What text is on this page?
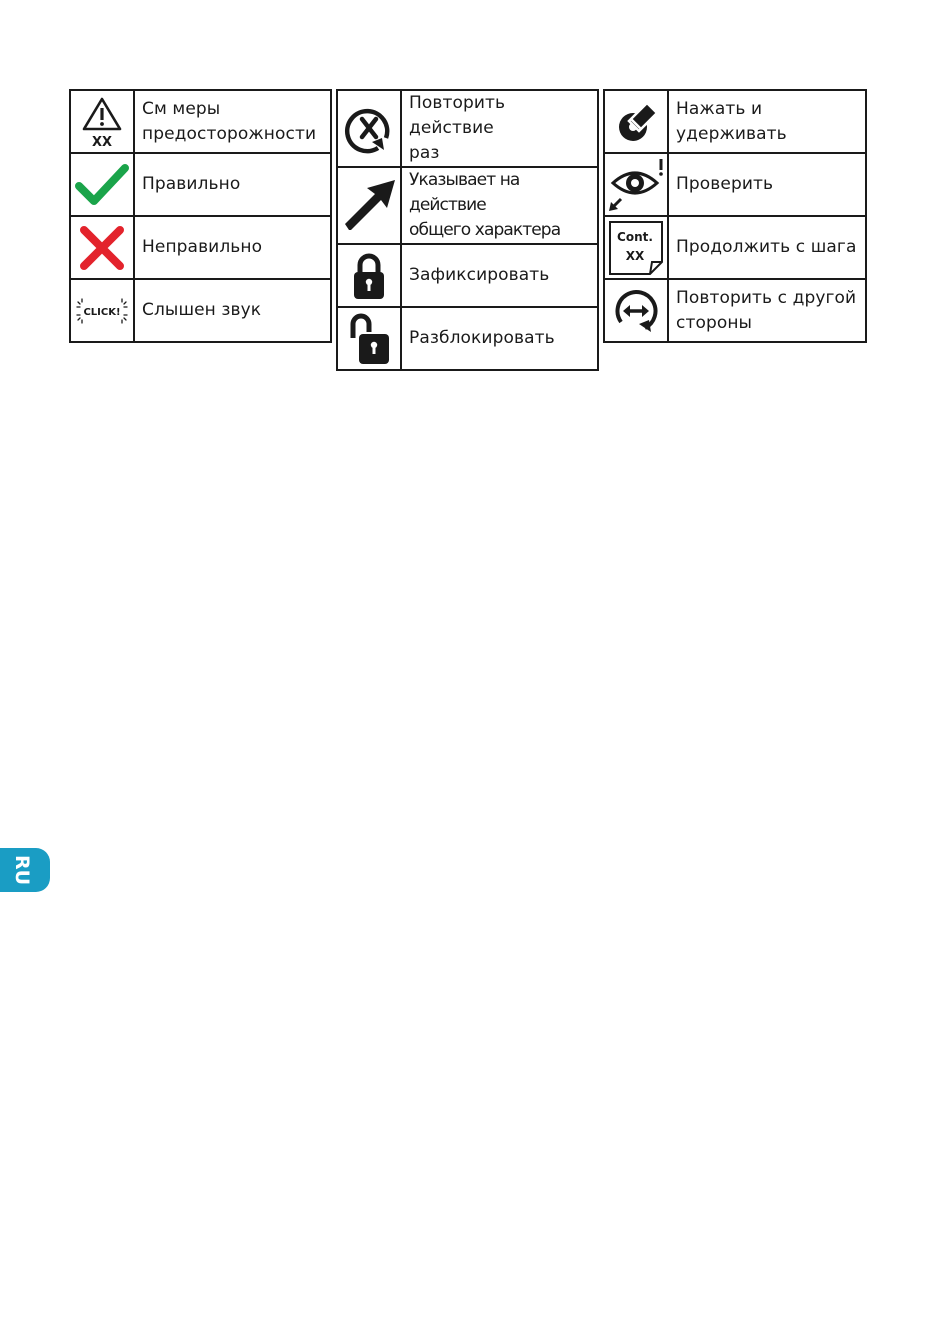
XX	См меры
предосторожности

	Правильно

	Неправильно

CLICK!	Слышен звук
	Повторить действие
раз

	Указывает на действие
общего характера

	Зафиксировать

	Разблокировать
	Нажать и удерживать

	Проверить

Cont.
XX	Продолжить с шага

	Повторить с другой
стороны
RU
